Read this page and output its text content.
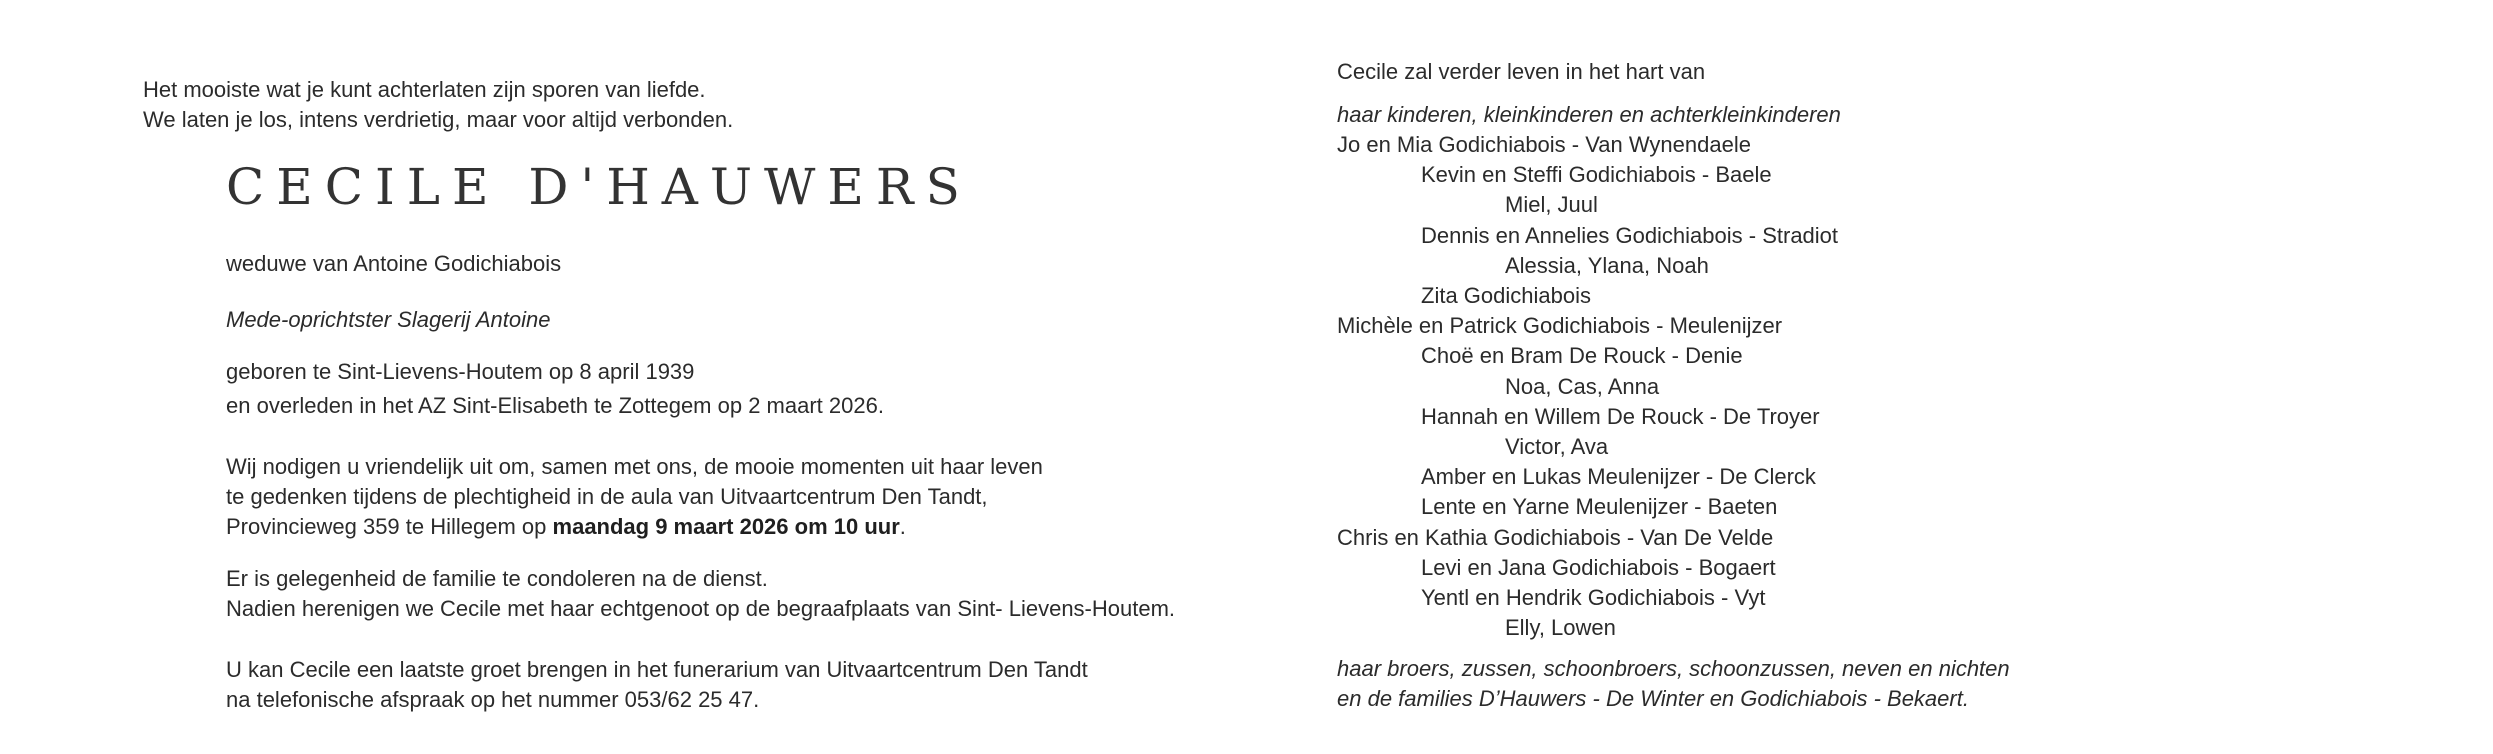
Het mooiste wat je kunt achterlaten zijn sporen van liefde.
We laten je los, intens verdrietig, maar voor altijd verbonden.
CECILE D'HAUWERS
weduwe van Antoine Godichiabois
Mede-oprichtster Slagerij Antoine
geboren te Sint-Lievens-Houtem op 8 april 1939
en overleden in het AZ Sint-Elisabeth te Zottegem op 2 maart 2026.
Wij nodigen u vriendelijk uit om, samen met ons, de mooie momenten uit haar leven
te gedenken tijdens de plechtigheid in de aula van Uitvaartcentrum Den Tandt,
Provincieweg 359 te Hillegem op maandag 9 maart 2026 om 10 uur.
Er is gelegenheid de familie te condoleren na de dienst.
Nadien herenigen we Cecile met haar echtgenoot op de begraafplaats van Sint- Lievens-Houtem.
U kan Cecile een laatste groet brengen in het funerarium van Uitvaartcentrum Den Tandt
na telefonische afspraak op het nummer 053/62 25 47.
Cecile zal verder leven in het hart van
haar kinderen, kleinkinderen en achterkleinkinderen
Jo en Mia Godichiabois - Van Wynendaele
Kevin en Steffi Godichiabois - Baele
Miel, Juul
Dennis en Annelies Godichiabois - Stradiot
Alessia, Ylana, Noah
Zita Godichiabois
Michèle en Patrick Godichiabois - Meulenijzer
Choë en Bram De Rouck - Denie
Noa, Cas, Anna
Hannah en Willem De Rouck - De Troyer
Victor, Ava
Amber en Lukas Meulenijzer - De Clerck
Lente en Yarne Meulenijzer - Baeten
Chris en Kathia Godichiabois - Van De Velde
Levi en Jana Godichiabois - Bogaert
Yentl en Hendrik Godichiabois - Vyt
Elly, Lowen
haar broers, zussen, schoonbroers, schoonzussen, neven en nichten
en de families D’Hauwers - De Winter en Godichiabois - Bekaert.
